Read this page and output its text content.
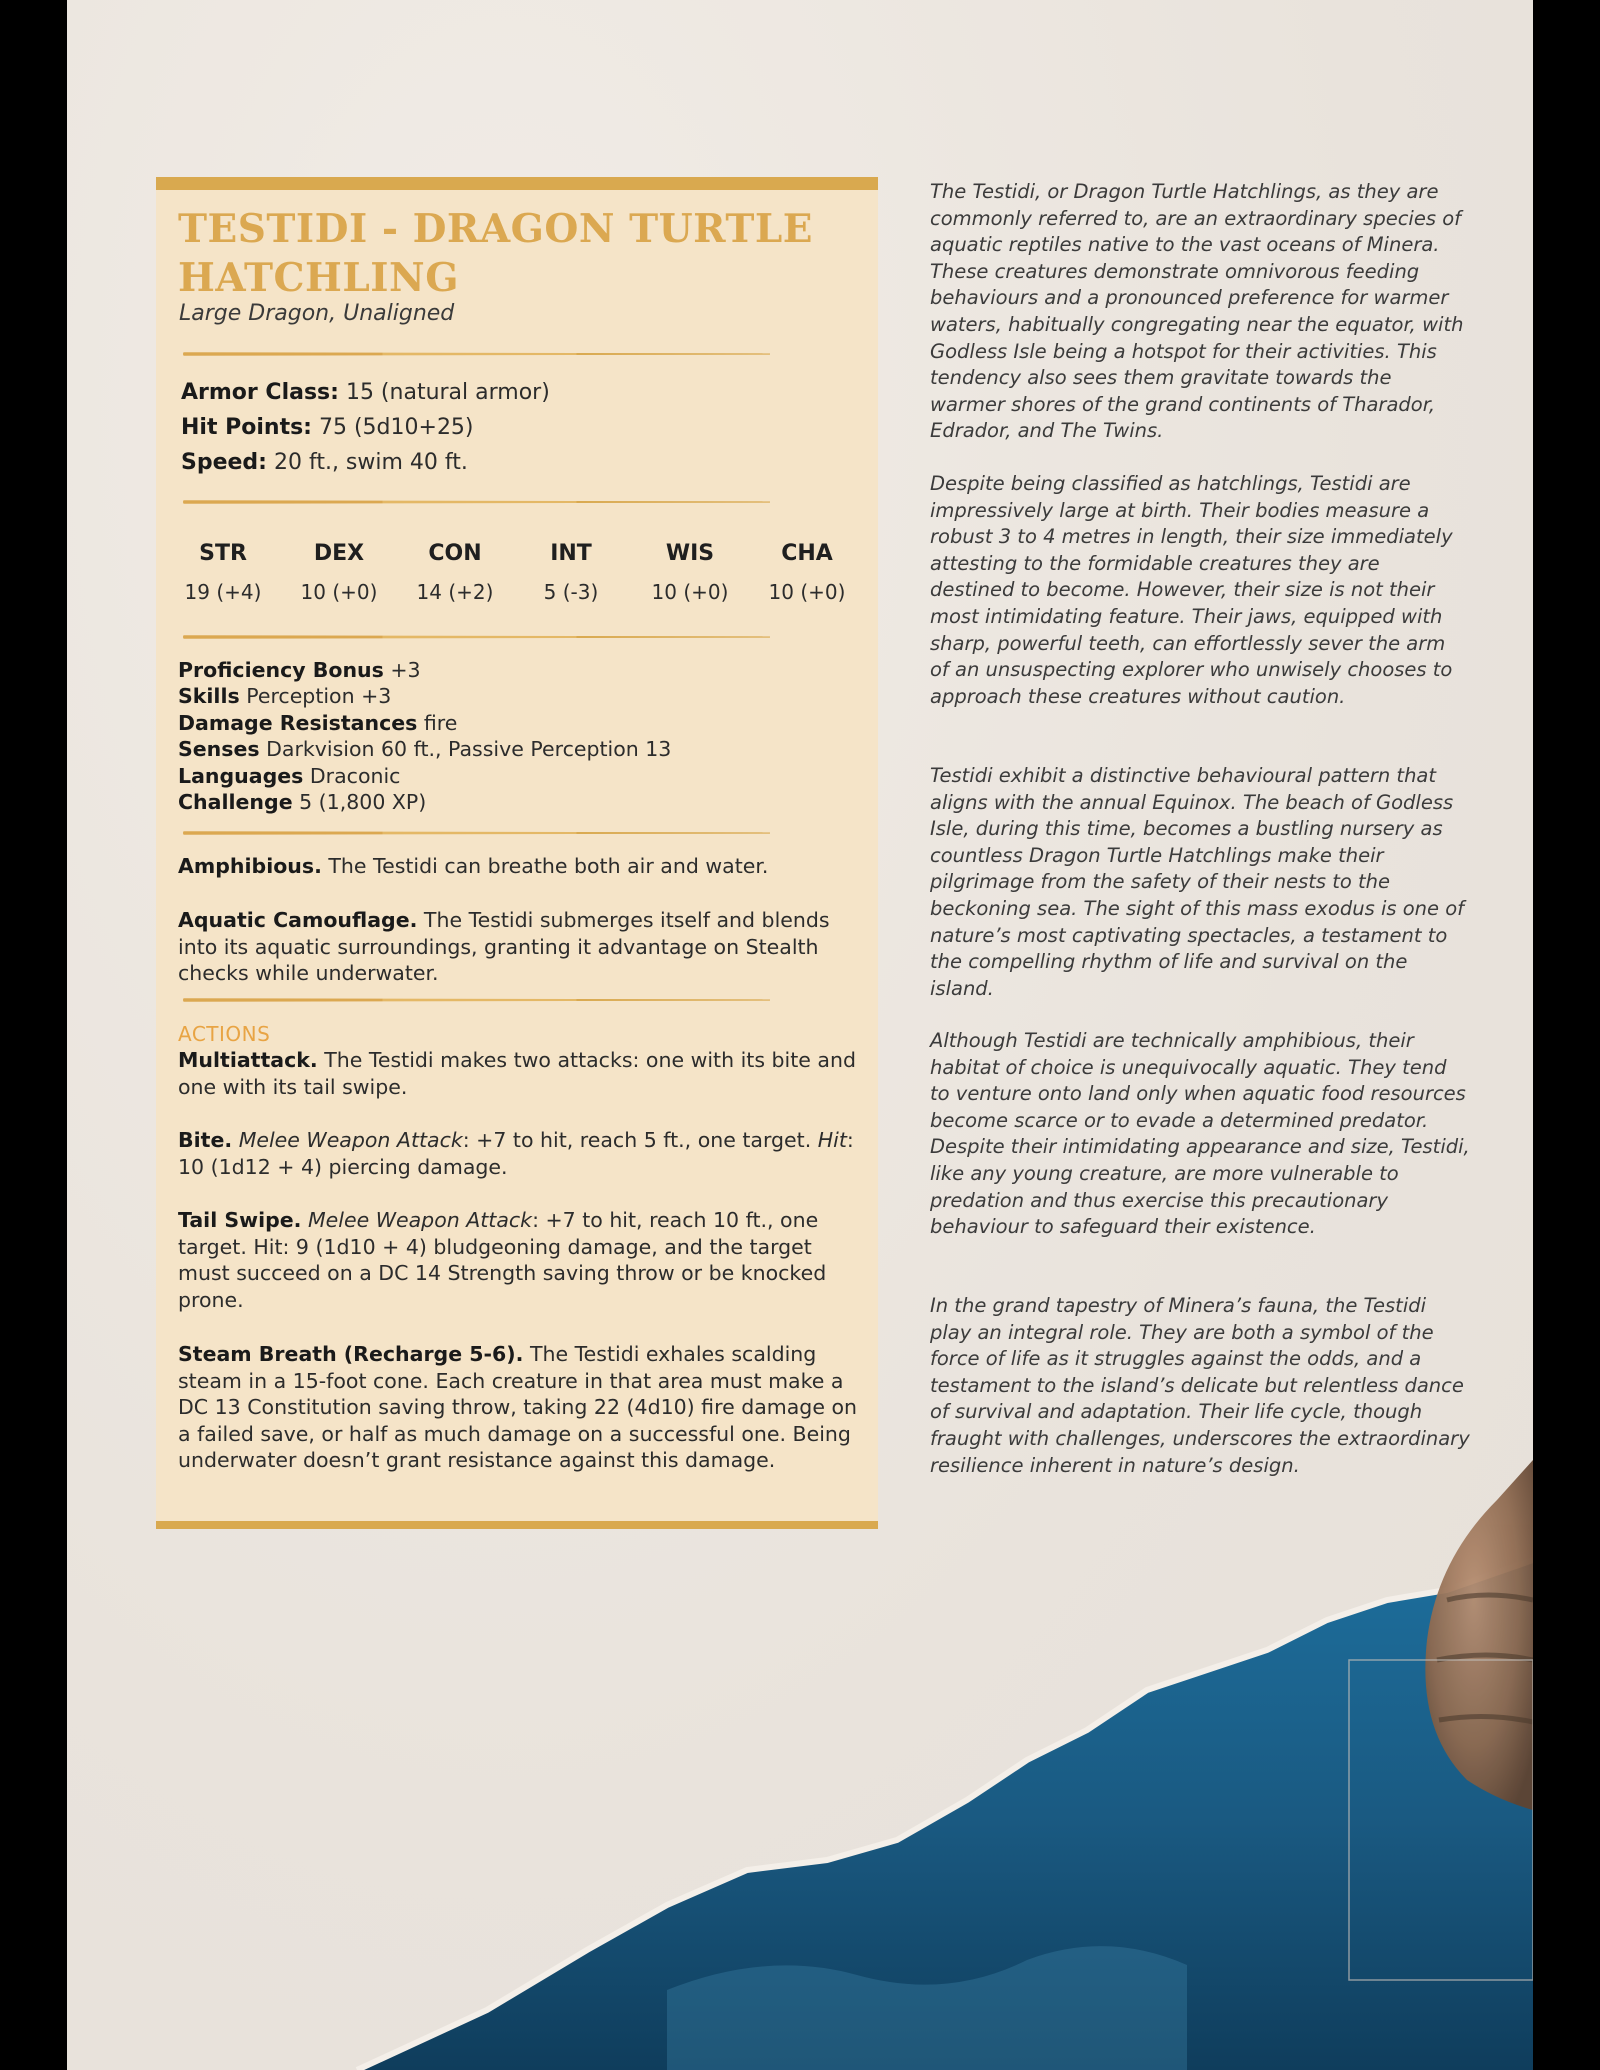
TESTIDI - DRAGON TURTLE HATCHLING
Large Dragon, Unaligned
Armor Class: 15 (natural armor)
Hit Points: 75 (5d10+25)
Speed: 20 ft., swim 40 ft.
STR
19 (+4)
DEX
10 (+0)
CON
14 (+2)
INT
5 (-3)
WIS
10 (+0)
CHA
10 (+0)
Proficiency Bonus +3
Skills Perception +3
Damage Resistances fire
Senses Darkvision 60 ft., Passive Perception 13
Languages Draconic
Challenge 5 (1,800 XP)
Amphibious. The Testidi can breathe both air and water.
Aquatic Camouflage. The Testidi submerges itself and blends into its aquatic surroundings, granting it advantage on Stealth checks while underwater.
ACTIONS
Multiattack. The Testidi makes two attacks: one with its bite and one with its tail swipe.
Bite. Melee Weapon Attack: +7 to hit, reach 5 ft., one target. Hit: 10 (1d12 + 4) piercing damage.
Tail Swipe. Melee Weapon Attack: +7 to hit, reach 10 ft., one target. Hit: 9 (1d10 + 4) bludgeoning damage, and the target must succeed on a DC 14 Strength saving throw or be knocked prone.
Steam Breath (Recharge 5-6). The Testidi exhales scalding steam in a 15-foot cone. Each creature in that area must make a DC 13 Constitution saving throw, taking 22 (4d10) fire damage on a failed save, or half as much damage on a successful one. Being underwater doesn’t grant resistance against this damage.
The Testidi, or Dragon Turtle Hatchlings, as they are commonly referred to, are an extraordinary species of aquatic reptiles native to the vast oceans of Minera. These creatures demonstrate omnivorous feeding behaviours and a pronounced preference for warmer waters, habitually congregating near the equator, with Godless Isle being a hotspot for their activities. This tendency also sees them gravitate towards the warmer shores of the grand continents of Tharador, Edrador, and The Twins.
Despite being classified as hatchlings, Testidi are impressively large at birth. Their bodies measure a robust 3 to 4 metres in length, their size immediately attesting to the formidable creatures they are destined to become. However, their size is not their most intimidating feature. Their jaws, equipped with sharp, powerful teeth, can effortlessly sever the arm of an unsuspecting explorer who unwisely chooses to approach these creatures without caution.
Testidi exhibit a distinctive behavioural pattern that aligns with the annual Equinox. The beach of Godless Isle, during this time, becomes a bustling nursery as countless Dragon Turtle Hatchlings make their pilgrimage from the safety of their nests to the beckoning sea. The sight of this mass exodus is one of nature’s most captivating spectacles, a testament to the compelling rhythm of life and survival on the island.
Although Testidi are technically amphibious, their habitat of choice is unequivocally aquatic. They tend to venture onto land only when aquatic food resources become scarce or to evade a determined predator. Despite their intimidating appearance and size, Testidi, like any young creature, are more vulnerable to predation and thus exercise this precautionary behaviour to safeguard their existence.
In the grand tapestry of Minera’s fauna, the Testidi play an integral role. They are both a symbol of the force of life as it struggles against the odds, and a testament to the island’s delicate but relentless dance of survival and adaptation. Their life cycle, though fraught with challenges, underscores the extraordinary resilience inherent in nature’s design.
